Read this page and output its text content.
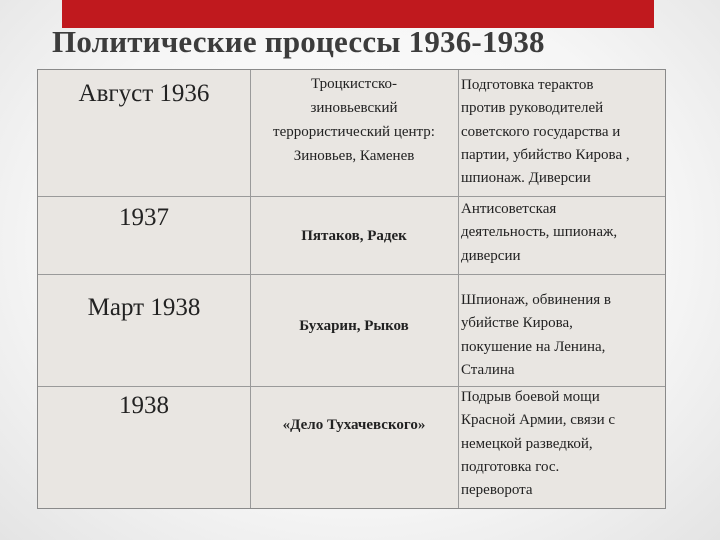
Политические процессы 1936-1938
Август 1936	Троцкистско-
зиновьевский
террористический центр:
Зиновьев, Каменев
Подготовка терактов
против руководителей
советского государства и
партии, убийство Кирова ,
шпионаж. Диверсии
1937
Пятаков, Радек
Антисоветская
деятельность, шпионаж,
диверсии
Март 1938
Бухарин, Рыков
Шпионаж, обвинения в
убийстве Кирова,
покушение на Ленина,
Сталина
1938
«Дело Тухачевского»
Подрыв боевой мощи
Красной Армии, связи с
немецкой разведкой,
подготовка гос.
переворота
